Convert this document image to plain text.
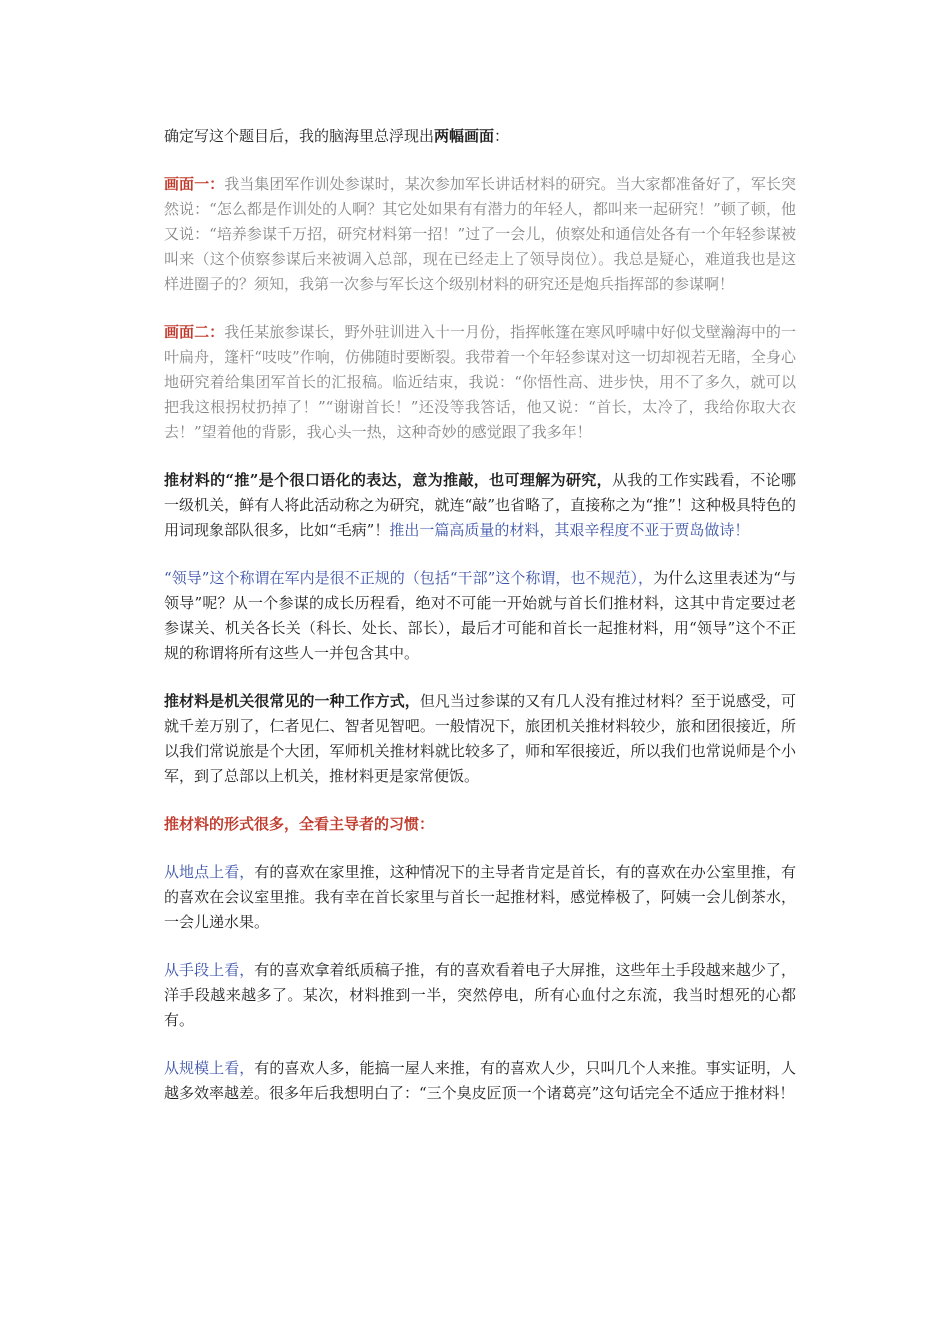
确定写这个题目后，我的脑海里总浮现出两幅画面：

画面一：我当集团军作训处参谋时，某次参加军长讲话材料的研究。当大家都准备好了，军长突然说：“怎么都是作训处的人啊？其它处如果有有潜力的年轻人，都叫来一起研究！”顿了顿，他又说：“培养参谋千万招，研究材料第一招！”过了一会儿，侦察处和通信处各有一个年轻参谋被叫来（这个侦察参谋后来被调入总部，现在已经走上了领导岗位）。我总是疑心，难道我也是这样进圈子的？须知，我第一次参与军长这个级别材料的研究还是炮兵指挥部的参谋啊！

画面二：我任某旅参谋长，野外驻训进入十一月份，指挥帐篷在寒风呼啸中好似戈壁瀚海中的一叶扁舟，篷杆“吱吱”作响，仿佛随时要断裂。我带着一个年轻参谋对这一切却视若无睹，全身心地研究着给集团军首长的汇报稿。临近结束，我说：“你悟性高、进步快，用不了多久，就可以把我这根拐杖扔掉了！”“谢谢首长！”还没等我答话，他又说：“首长，太冷了，我给你取大衣去！”望着他的背影，我心头一热，这种奇妙的感觉跟了我多年！

推材料的“推”是个很口语化的表达，意为推敲，也可理解为研究，从我的工作实践看，不论哪一级机关，鲜有人将此活动称之为研究，就连“敲”也省略了，直接称之为“推”！这种极具特色的用词现象部队很多，比如“毛病”！推出一篇高质量的材料，其艰辛程度不亚于贾岛做诗！

“领导”这个称谓在军内是很不正规的（包括“干部”这个称谓，也不规范），为什么这里表述为“与领导”呢？从一个参谋的成长历程看，绝对不可能一开始就与首长们推材料，这其中肯定要过老参谋关、机关各长关（科长、处长、部长），最后才可能和首长一起推材料，用“领导”这个不正规的称谓将所有这些人一并包含其中。

推材料是机关很常见的一种工作方式，但凡当过参谋的又有几人没有推过材料？至于说感受，可就千差万别了，仁者见仁、智者见智吧。一般情况下，旅团机关推材料较少，旅和团很接近，所以我们常说旅是个大团，军师机关推材料就比较多了，师和军很接近，所以我们也常说师是个小军，到了总部以上机关，推材料更是家常便饭。

推材料的形式很多，全看主导者的习惯：

从地点上看，有的喜欢在家里推，这种情况下的主导者肯定是首长，有的喜欢在办公室里推，有的喜欢在会议室里推。我有幸在首长家里与首长一起推材料，感觉棒极了，阿姨一会儿倒茶水，一会儿递水果。

从手段上看，有的喜欢拿着纸质稿子推，有的喜欢看着电子大屏推，这些年土手段越来越少了，洋手段越来越多了。某次，材料推到一半，突然停电，所有心血付之东流，我当时想死的心都有。

从规模上看，有的喜欢人多，能搞一屋人来推，有的喜欢人少，只叫几个人来推。事实证明，人越多效率越差。很多年后我想明白了：“三个臭皮匠顶一个诸葛亮”这句话完全不适应于推材料！
